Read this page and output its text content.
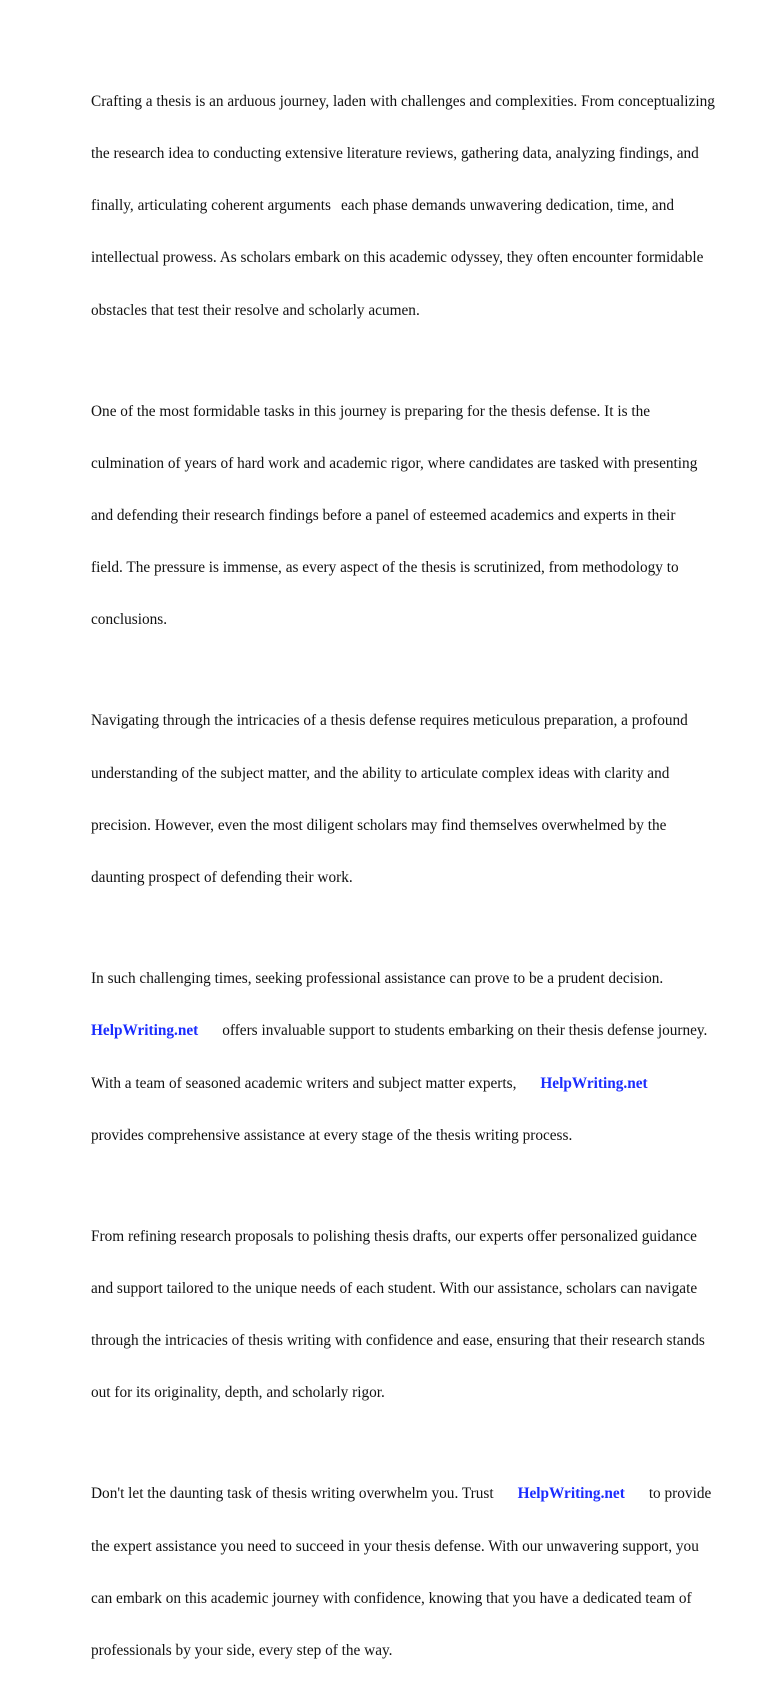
Crafting a thesis is an arduous journey, laden with challenges and complexities. From conceptualizing

the research idea to conducting extensive literature reviews, gathering data, analyzing findings, and

finally, articulating coherent arguments each phase demands unwavering dedication, time, and

intellectual prowess. As scholars embark on this academic odyssey, they often encounter formidable

obstacles that test their resolve and scholarly acumen.

One of the most formidable tasks in this journey is preparing for the thesis defense. It is the

culmination of years of hard work and academic rigor, where candidates are tasked with presenting

and defending their research findings before a panel of esteemed academics and experts in their

field. The pressure is immense, as every aspect of the thesis is scrutinized, from methodology to

conclusions.

Navigating through the intricacies of a thesis defense requires meticulous preparation, a profound

understanding of the subject matter, and the ability to articulate complex ideas with clarity and

precision. However, even the most diligent scholars may find themselves overwhelmed by the

daunting prospect of defending their work.

In such challenging times, seeking professional assistance can prove to be a prudent decision.

HelpWriting.net offers invaluable support to students embarking on their thesis defense journey.

With a team of seasoned academic writers and subject matter experts, HelpWriting.net

provides comprehensive assistance at every stage of the thesis writing process.

From refining research proposals to polishing thesis drafts, our experts offer personalized guidance

and support tailored to the unique needs of each student. With our assistance, scholars can navigate

through the intricacies of thesis writing with confidence and ease, ensuring that their research stands

out for its originality, depth, and scholarly rigor.

Don't let the daunting task of thesis writing overwhelm you. Trust HelpWriting.net to provide

the expert assistance you need to succeed in your thesis defense. With our unwavering support, you

can embark on this academic journey with confidence, knowing that you have a dedicated team of

professionals by your side, every step of the way.
